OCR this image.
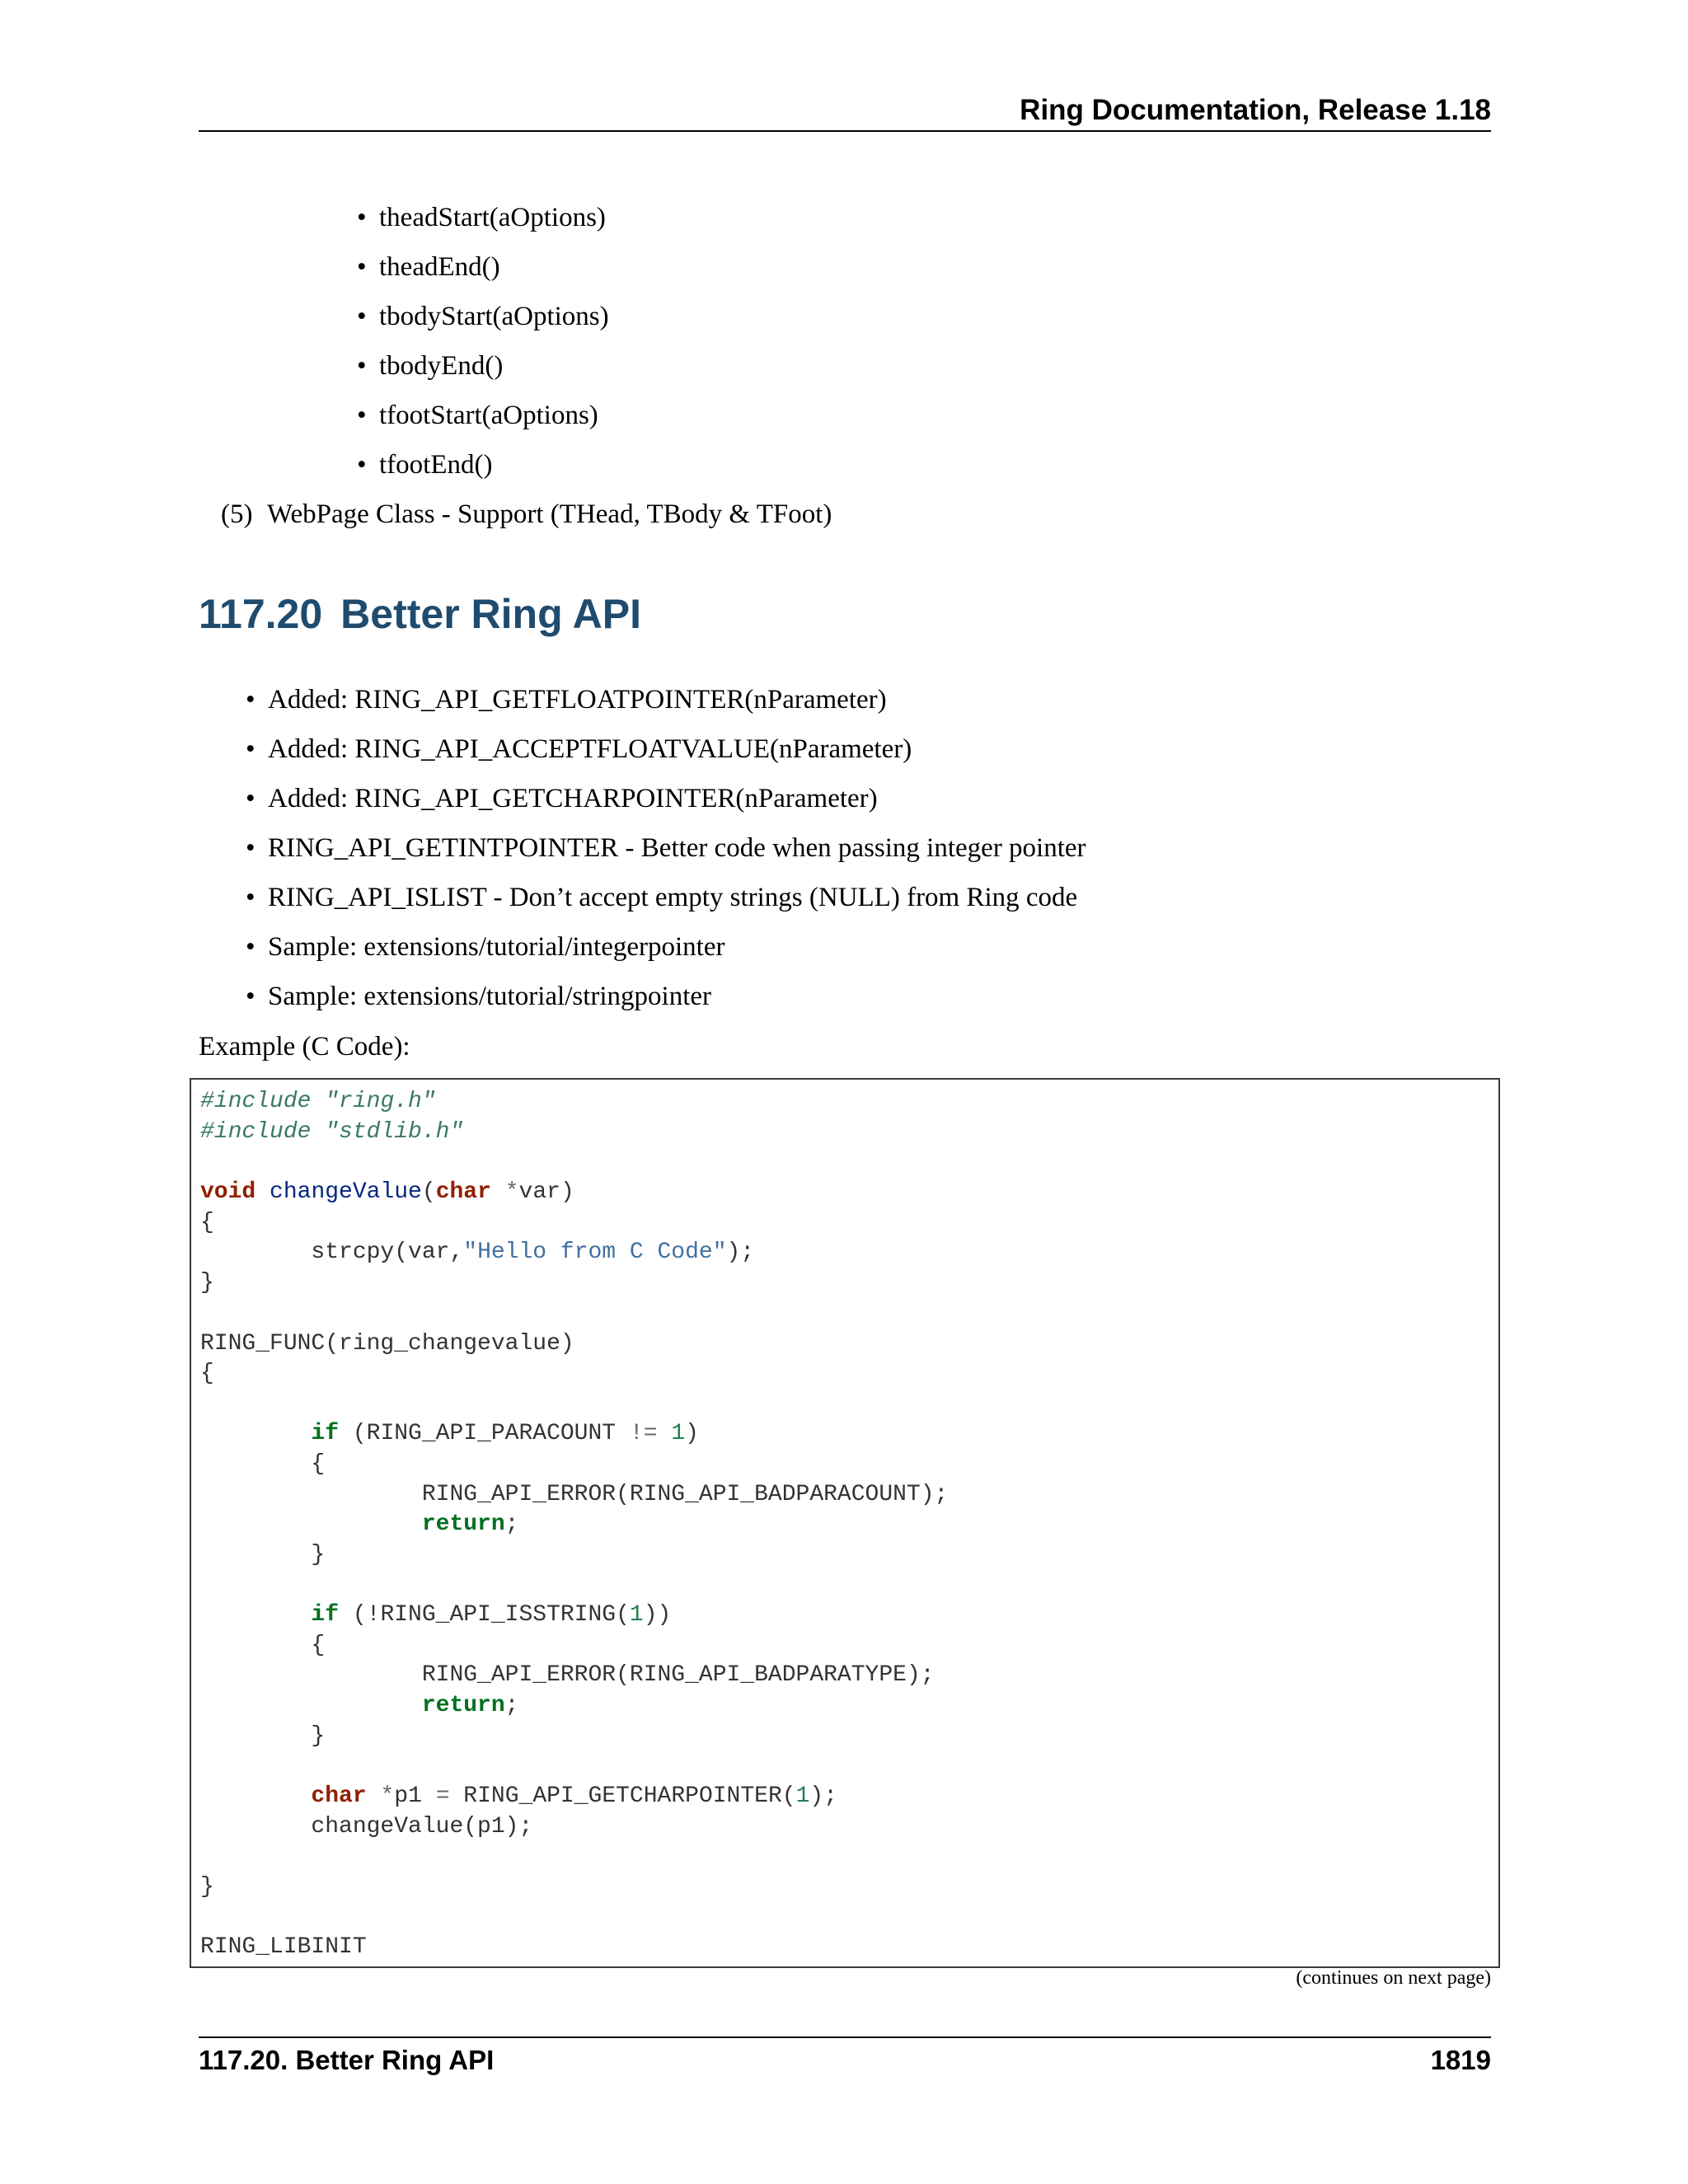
Ring Documentation, Release 1.18
• theadStart(aOptions)
• theadEnd()
• tbodyStart(aOptions)
• tbodyEnd()
• tfootStart(aOptions)
• tfootEnd()
(5) WebPage Class - Support (THead, TBody & TFoot)
117.20 Better Ring API
• Added: RING_API_GETFLOATPOINTER(nParameter)
• Added: RING_API_ACCEPTFLOATVALUE(nParameter)
• Added: RING_API_GETCHARPOINTER(nParameter)
• RING_API_GETINTPOINTER - Better code when passing integer pointer
• RING_API_ISLIST - Don’t accept empty strings (NULL) from Ring code
• Sample: extensions/tutorial/integerpointer
• Sample: extensions/tutorial/stringpointer
Example (C Code):
#include "ring.h"
#include "stdlib.h"
void changeValue(char *var)
{
strcpy(var,"Hello from C Code");
}
RING_FUNC(ring_changevalue)
{
if (RING_API_PARACOUNT != 1)
{
RING_API_ERROR(RING_API_BADPARACOUNT);
return;
}
if (!RING_API_ISSTRING(1))
{
RING_API_ERROR(RING_API_BADPARATYPE);
return;
}
char *p1 = RING_API_GETCHARPOINTER(1);
changeValue(p1);
}
RING_LIBINIT
(continues on next page)
117.20. Better Ring API	1819
